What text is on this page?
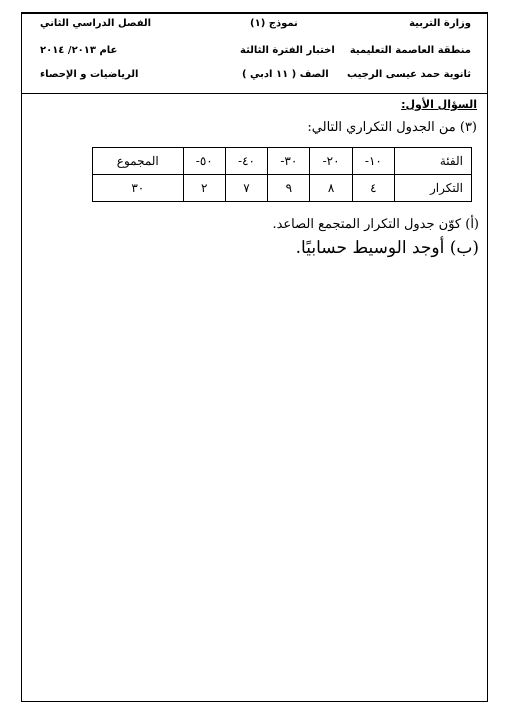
وزارة التربية
نموذج (١)
الفصل الدراسي الثاني
منطقة العاصمة التعليمية
اختبار الفترة الثالثة
عام ٢٠١٣/ ٢٠١٤
ثانوية حمد عيسى الرجيب
الصف ( ١١ ادبي )
الرياضيات و الإحصاء
السؤال الأول:
(٣) من الجدول التكراري التالي:
الفئة	١٠-	٢٠-	٣٠-	٤٠-	٥٠-	المجموع
التكرار	٤	٨	٩	٧	٢	٣٠
(أ) كوّن جدول التكرار المتجمع الصاعد.
(ب) أوجد الوسيط حسابيًا.
